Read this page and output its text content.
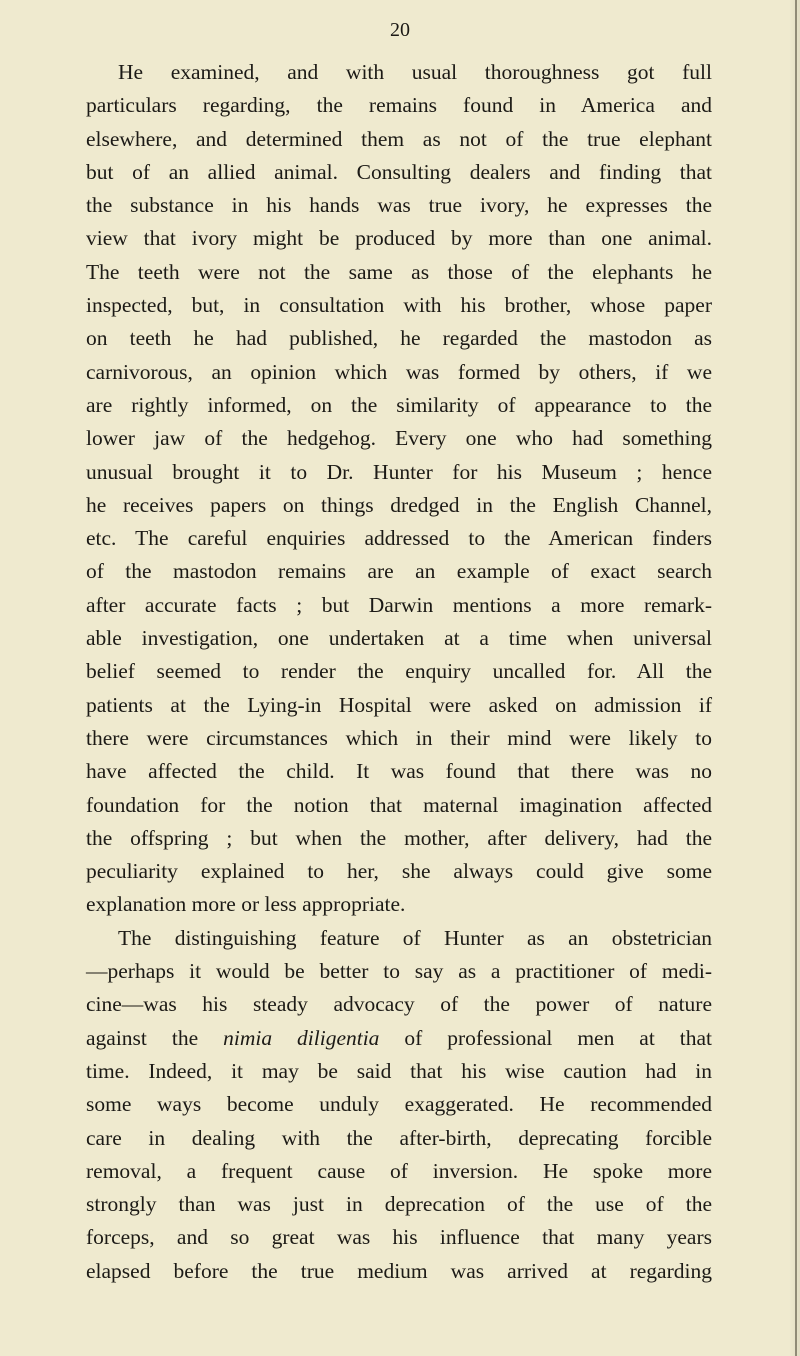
20
He examined, and with usual thoroughness got full
particulars regarding, the remains found in America and
elsewhere, and determined them as not of the true elephant
but of an allied animal. Consulting dealers and finding that
the substance in his hands was true ivory, he expresses the
view that ivory might be produced by more than one animal.
The teeth were not the same as those of the elephants he
inspected, but, in consultation with his brother, whose paper
on teeth he had published, he regarded the mastodon as
carnivorous, an opinion which was formed by others, if we
are rightly informed, on the similarity of appearance to the
lower jaw of the hedgehog. Every one who had something
unusual brought it to Dr. Hunter for his Museum ; hence
he receives papers on things dredged in the English Channel,
etc. The careful enquiries addressed to the American finders
of the mastodon remains are an example of exact search
after accurate facts ; but Darwin mentions a more remark-
able investigation, one undertaken at a time when universal
belief seemed to render the enquiry uncalled for. All the
patients at the Lying-in Hospital were asked on admission if
there were circumstances which in their mind were likely to
have affected the child. It was found that there was no
foundation for the notion that maternal imagination affected
the offspring ; but when the mother, after delivery, had the
peculiarity explained to her, she always could give some
explanation more or less appropriate.
The distinguishing feature of Hunter as an obstetrician
—perhaps it would be better to say as a practitioner of medi-
cine—was his steady advocacy of the power of nature
against the nimia diligentia of professional men at that
time. Indeed, it may be said that his wise caution had in
some ways become unduly exaggerated. He recommended
care in dealing with the after-birth, deprecating forcible
removal, a frequent cause of inversion. He spoke more
strongly than was just in deprecation of the use of the
forceps, and so great was his influence that many years
elapsed before the true medium was arrived at regarding
